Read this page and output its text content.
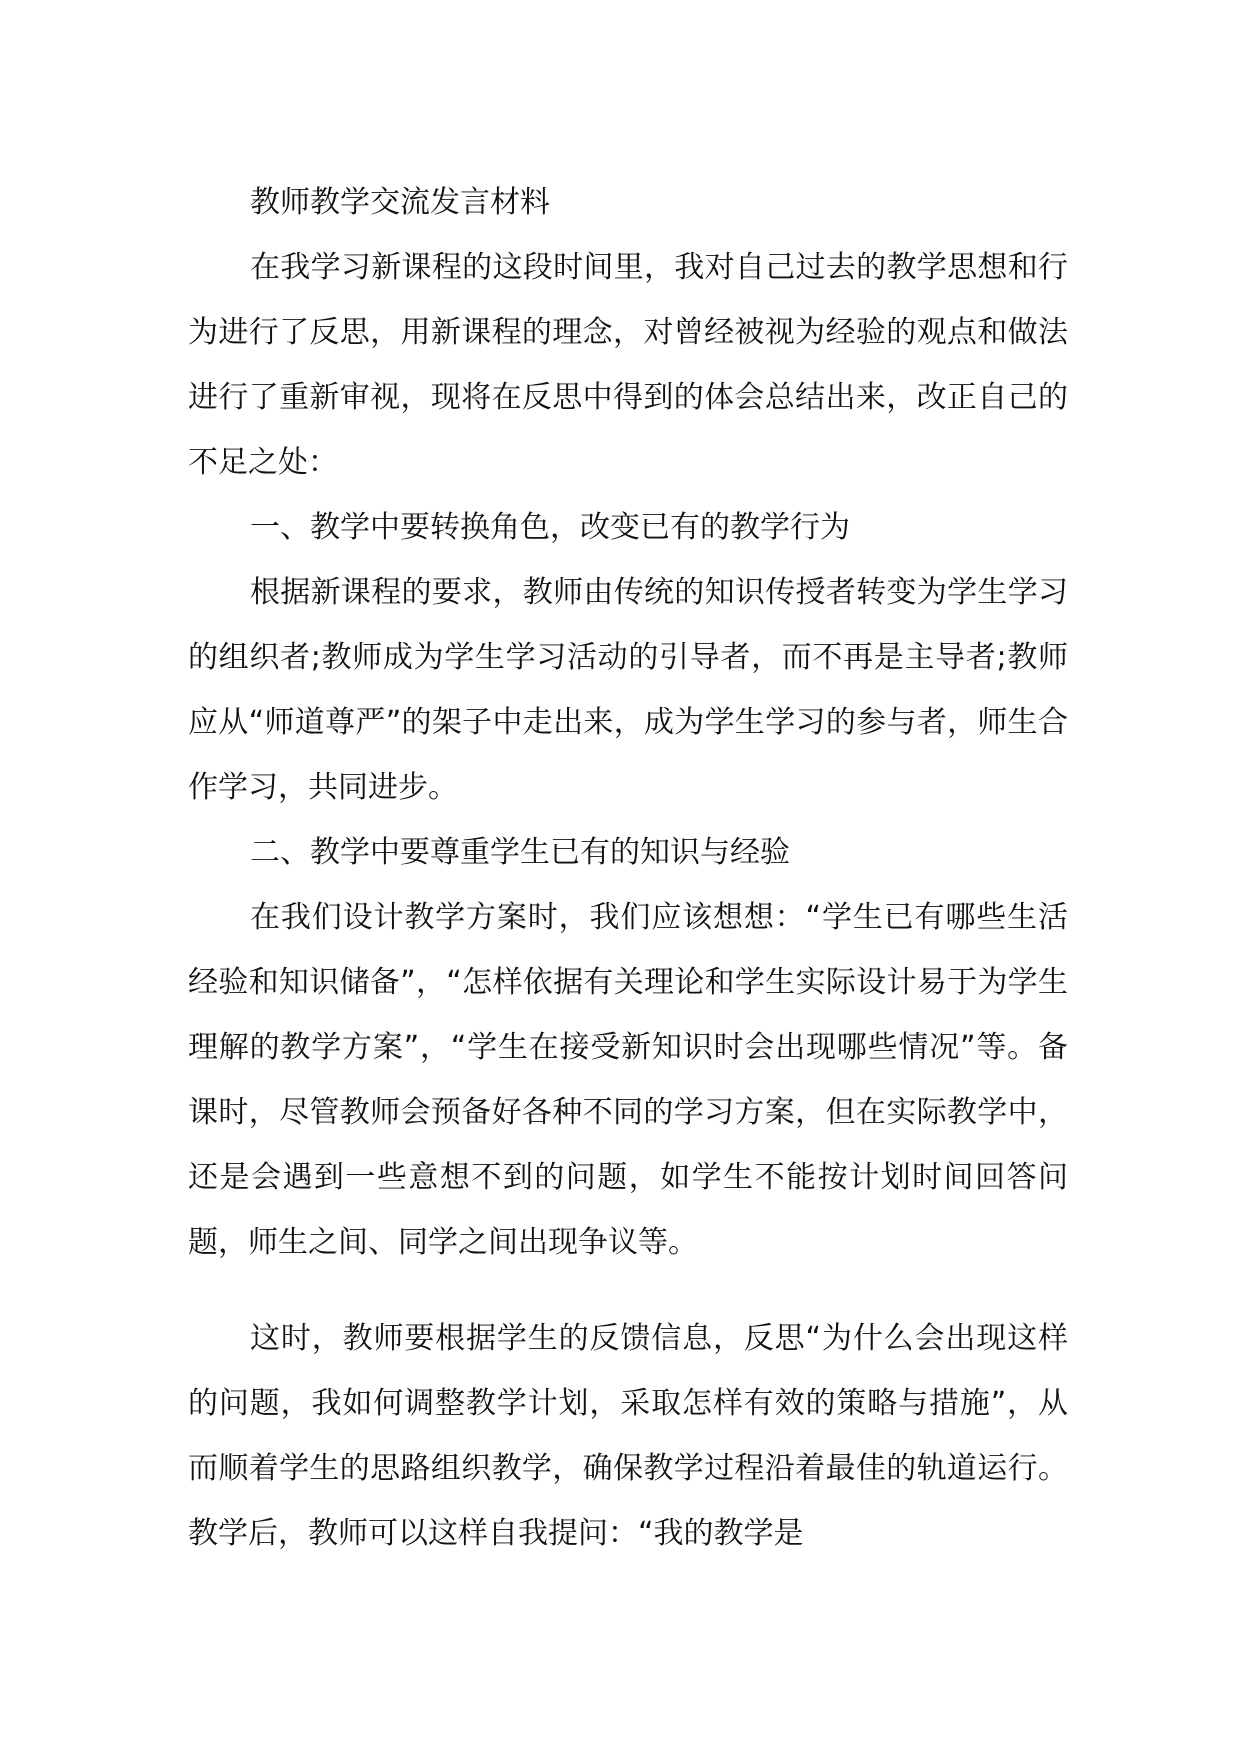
教师教学交流发言材料

在我学习新课程的这段时间里，我对自己过去的教学思想和行为进行了反思，用新课程的理念，对曾经被视为经验的观点和做法进行了重新审视，现将在反思中得到的体会总结出来，改正自己的不足之处：

一、教学中要转换角色，改变已有的教学行为

根据新课程的要求，教师由传统的知识传授者转变为学生学习的组织者;教师成为学生学习活动的引导者，而不再是主导者;教师应从“师道尊严”的架子中走出来，成为学生学习的参与者，师生合作学习，共同进步。

二、教学中要尊重学生已有的知识与经验

在我们设计教学方案时，我们应该想想：“学生已有哪些生活经验和知识储备”，“怎样依据有关理论和学生实际设计易于为学生理解的教学方案”，“学生在接受新知识时会出现哪些情况”等。备课时，尽管教师会预备好各种不同的学习方案，但在实际教学中，还是会遇到一些意想不到的问题，如学生不能按计划时间回答问题，师生之间、同学之间出现争议等。

这时，教师要根据学生的反馈信息，反思“为什么会出现这样的问题，我如何调整教学计划，采取怎样有效的策略与措施”，从而顺着学生的思路组织教学，确保教学过程沿着最佳的轨道运行。教学后，教师可以这样自我提问：“我的教学是
